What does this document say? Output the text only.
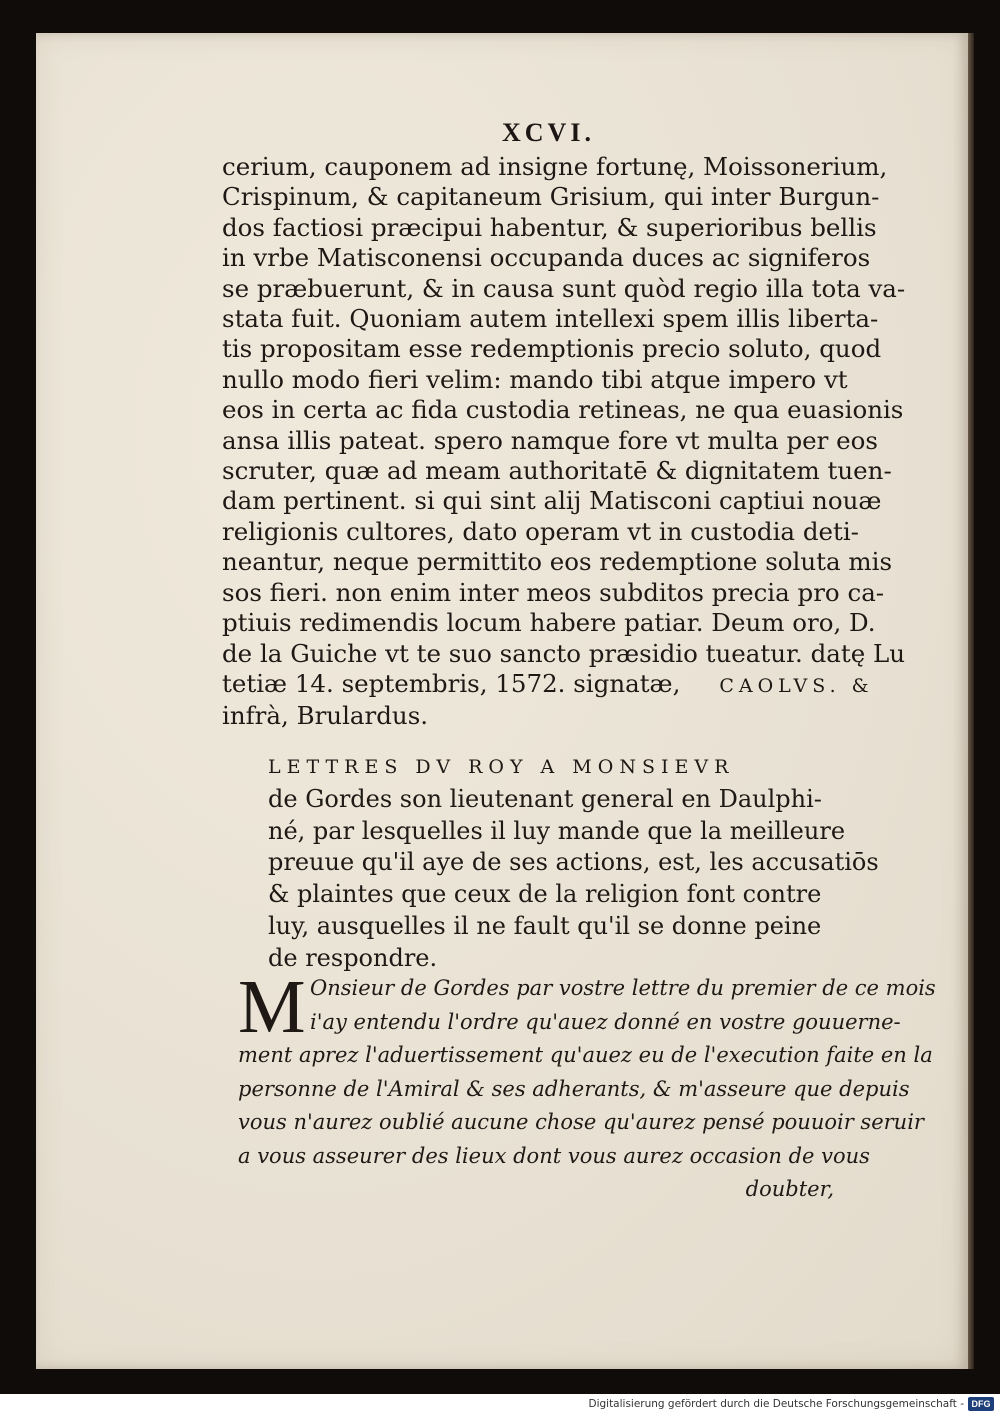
XCVI.
cerium, cauponem ad insigne fortunę, Moissonerium,
Crispinum, & capitaneum Grisium, qui inter Burgun-
dos factiosi præcipui habentur, & superioribus bellis
in vrbe Matisconensi occupanda duces ac signiferos
se præbuerunt, & in causa sunt quòd regio illa tota va-
stata fuit. Quoniam autem intellexi spem illis liberta-
tis propositam esse redemptionis precio soluto, quod
nullo modo fieri velim: mando tibi atque impero vt
eos in certa ac fida custodia retineas, ne qua euasionis
ansa illis pateat. spero namque fore vt multa per eos
scruter, quæ ad meam authoritatē & dignitatem tuen-
dam pertinent. si qui sint alij Matisconi captiui nouæ
religionis cultores, dato operam vt in custodia deti-
neantur, neque permittito eos redemptione soluta mis
sos fieri. non enim inter meos subditos precia pro ca-
ptiuis redimendis locum habere patiar. Deum oro, D.
de la Guiche vt te suo sancto præsidio tueatur. datę Lu
tetiæ 14. septembris, 1572. signatæ, CAOLVS. &
infrà, Brulardus.
LETTRES DV ROY A MONSIEVR
de Gordes son lieutenant general en Daulphi-
né, par lesquelles il luy mande que la meilleure
preuue qu'il aye de ses actions, est, les accusatiōs
& plaintes que ceux de la religion font contre
luy, ausquelles il ne fault qu'il se donne peine
de respondre.
M Onsieur de Gordes par vostre lettre du premier de ce mois
i'ay entendu l'ordre qu'auez donné en vostre gouuerne-
ment aprez l'aduertissement qu'auez eu de l'execution faite en la
personne de l'Amiral & ses adherants, & m'asseure que depuis
vous n'aurez oublié aucune chose qu'aurez pensé pouuoir seruir
a vous asseurer des lieux dont vous aurez occasion de vous
doubter,
Digitalisierung gefördert durch die Deutsche Forschungsgemeinschaft - DFG
